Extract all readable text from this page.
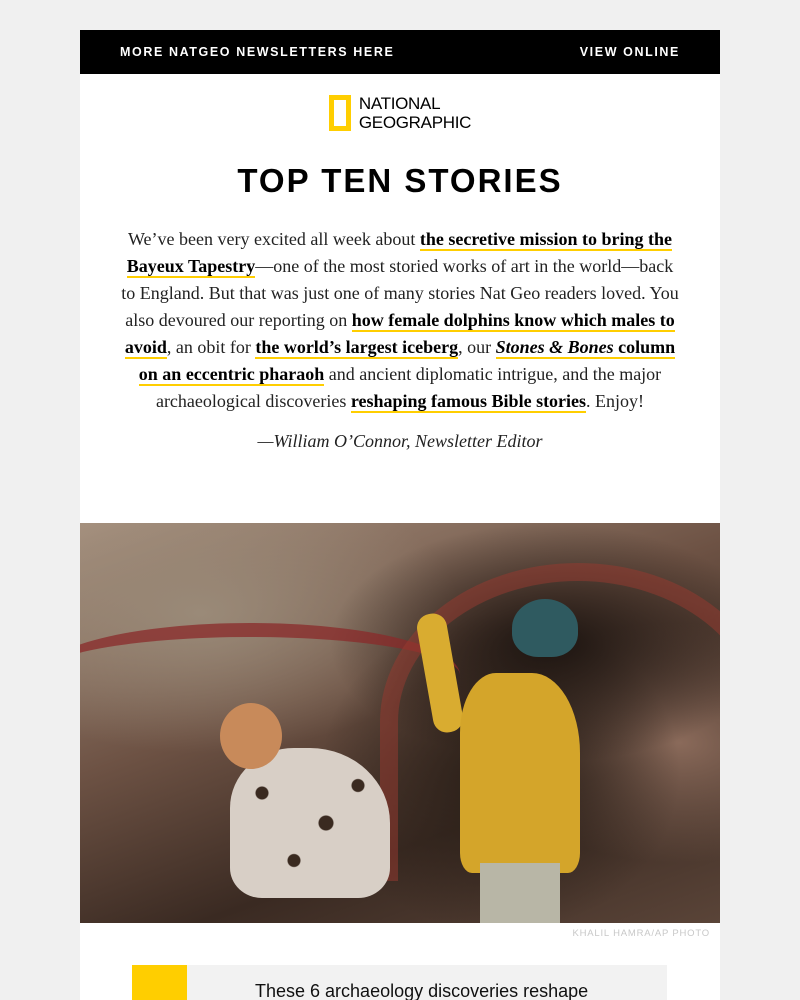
MORE NATGEO NEWSLETTERS HERE	VIEW ONLINE
NATIONAL
GEOGRAPHIC
TOP TEN STORIES

We’ve been very excited all week about the secretive mission to bring the Bayeux Tapestry—one of the most storied works of art in the world—back to England. But that was just one of many stories Nat Geo readers loved. You also devoured our reporting on how female dolphins know which males to avoid, an obit for the world’s largest iceberg, our Stones & Bones column on an eccentric pharaoh and ancient diplomatic intrigue, and the major archaeological discoveries reshaping famous Bible stories. Enjoy!

—William O’Connor, Newsletter Editor
KHALIL HAMRA/AP PHOTO
These 6 archaeology discoveries reshape
